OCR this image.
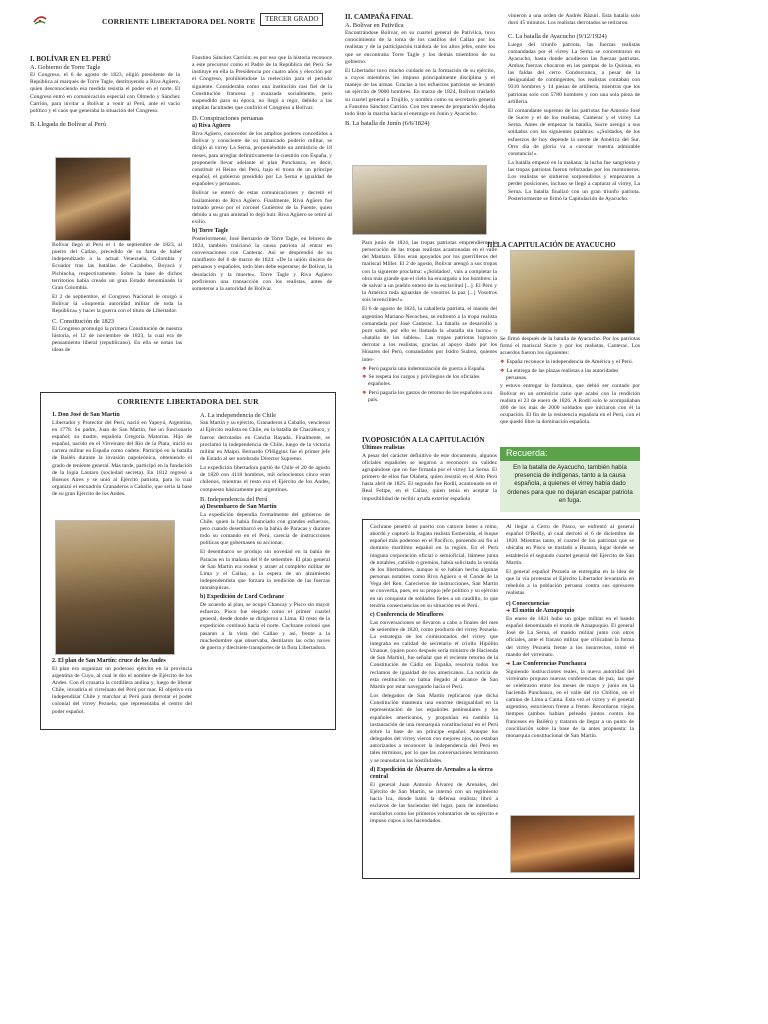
CORRIENTE LIBERTADORA DEL NORTE	TERCER GRADO
I. BOLÍVAR EN EL PERÚ
A. Gobierno de Torre Tagle

El Congreso, el 6 de agosto de 1823, eligió presidente de la República al marqués de Torre Tagle, destituyendo a Riva Agüero, quien desconociendo esa medida resistía el poder en el norte. El Congreso entró en comunicación especial con Olmedo y Sánchez Carrión, para invitar a Bolívar a venir al Perú, ante el vacío político y el caos que generaba la situación del Congreso.

B. Llegada de Bolívar al Perú

Bolívar llegó al Perú el 1 de septiembre de 1823, al puerto del Callao, precedido de su fama de haber independizado a la actual Venezuela, Colombia y Ecuador tras las batallas de Carabobo, Boyacá y Pichincha, respectivamente. Sobre la base de dichos territorios había creado un gran Estado denominado la Gran Colombia.

El 2 de septiembre, el Congreso Nacional le otorgó a Bolívar la «Suprema autoridad militar de toda la República» y hacer la guerra con el título de Libertador.

C. Constitución de 1823

El Congreso promulgó la primera Constitución de nuestra historia, el 12 de noviembre de 1823, la cual era de pensamiento liberal (republicano). En ella se notan las ideas de

Faustino Sánchez Carrión; es por eso que la historia reconoce a este precursor como el Padre de la República del Perú. Se instituye en ella la Presidencia por cuatro años y elección por el Congreso, prohibiéndose la reelección para el periodo siguiente. Consideraba como una institución casi fiel de la Constitución francesa y avanzada socialmente, pero suspendido para su época, no llegó a regir, debido a las amplias facultades que confirió el Congreso a Bolívar.

D. Conspiraciones peruanas
a) Riva Agüero

Riva Agüero, conocedor de los amplios poderes concedidos a Bolívar y consciente de su inmarcado poderío militar, se dirigió al virrey La Serna, proponiéndole un armisticio de 18 meses, para arreglar definitivamente la cuestión con España, y proponerle llevar adelante el plan Punchauca, es decir, constituir el Reino del Perú, bajo el trono de un príncipe español, el gobierno presidido por La Serna e igualdad de españoles y peruanos.

Bolívar se enteró de estas comunicaciones y decretó el fusilamiento de Riva Agüero. Finalmente, Riva Agüero fue tomado preso por el coronel Gutiérrez de la Fuente, quien debido a su gran amistad lo dejó huir. Riva Agüero se retiró al exilio.

b) Torre Tagle

Posteriormente, José Bernardo de Torre Tagle, en febrero de 1824, también traicionó la causa patriota al entrar en conversaciones con Canterac. Así se desprendió de su manifiesto del 6 de marzo de 1824: «De la unión sincera de peruanos y españoles, todo bien debe esperarse; de Bolívar, la desolación y la muerte». Torre Tagle y Riva Agüero prefirieron una transacción con los realistas, antes de someterse a la autoridad de Bolívar.

II. CAMPAÑA FINAL
A. Bolívar en Pativilca

Encontrándose Bolívar, en su cuartel general de Pativilca, tuvo conocimiento de la toma de los castillos del Callao por los realistas y de la participación traidora de los altos jefes, entre los que se encontraba Torre Tagle y los demás miembros de su gobierno.

El Libertador tuvo mucho cuidado en la formación de su ejército, a cuyos miembros les impuso principalmente disciplina y el manejo de las armas. Gracias a los esfuerzos patriotas se levantó un ejército de 9000 hombres. En marzo de 1824, Bolívar trasladó su cuartel general a Trujillo, y nombra como su secretario general a Faustino Sánchez Carrión. Con tres meses de preparación dejaba todo listo la marcha hacia el enemigo en Junín y Ayacucho.

B. La batalla de Junín (6/6/1824)

Para junio de 1824, las tropas patriotas emprendieron la persecución de las tropas realistas acantonadas en el valle del Mantaro. Ellos eran apoyados por los guerrilleros del mariscal Miller. El 2 de agosto, Bolívar arengó a sus tropas con la siguiente proclama: «¡Soldados!, vais a completar la obra más grande que el cielo ha encargado a los hombres: la de salvar a un pueblo entero de la esclavitud [...]. El Perú y la América toda aguardan de vosotros la paz [...] Vosotros sois invencibles!».

El 6 de agosto de 1824, la caballería patriota, el mando del argentino Mariano Necochea, se enfrentó a la tropa realista comandada por José Canterac. La batalla se desarrolló a puro sable, por ello es llamada la «batalla sin humo» o «batalla de los sables». Las tropas patriotas lograron derrotar a los realistas, gracias al apoyo dado por los Húsares del Perú, comandados por Isidro Suárez, quienes inter-

❖ Perú pagaría una indemnización de guerra a España.
❖ Se respeta los cargos y privilegios de los oficiales españoles.
❖ Perú pagaría los gastos de retorno de los españoles a su país.

vinieron a una orden de Andrés Rázuri. Esta batalla solo duró 45 minutos. Los realistas derrotados se retiraron.

C. La batalla de Ayacucho (9/12/1924)

Luego del triunfo patriota, las fuerzas realistas comandadas por el virrey La Serna se concentraron en Ayacucho, hasta donde acudieron las fuerzas patriotas. Ambas fuerzas chocaron en las pampas de la Quinua, en las faldas del cerro Condorcunca, a pesar de la desigualdad de contingentes, los realistas contaban con 9310 hombres y 14 piezas de artillería, mientras que los patriotas solo con 5780 hombres y con una sola pieza de artillería.

El comandante supremo de los patriotas fue Antonio José de Sucre y el de los realistas, Canterac y el virrey La Serna. Antes de empezar la batalla, Sucre arengó a sus soldados con las siguientes palabras: «¡Soldados, de los esfuerzos de hoy depende la suerte de América del Sur. Otro día de gloria va a coronar vuestra admirable constancia!».

La batalla empezó en la mañana; la lucha fue sangrienta y las tropas patriotas fueron reforzadas por los montoneros. Los realistas se sintieron sorprendidos y empezaron a perder posiciones, incluso se llegó a capturar al virrey, La Serna. La batalla finalizó con un gran triunfo patriota. Posteriormente se firmó la Capitulación de Ayacucho.

III.LA CAPITULACIÓN DE AYACUCHO

Se firmó después de la batalla de Ayacucho. Por los patriotas firmó el mariscal Sucre y por los realistas, Canterac. Los acuerdos fueron los siguientes:

❖ España reconoce la independencia de América y el Perú.
❖ La entrega de las plazas realistas a las autoridades peruanas.

y estuvo entregar la fortaleza, que debió ser contado por Bolívar en un armisticio ratio que acabó con la rendición realista el 23 de enero de 1826. A Rodil solo le acompañaban 400 de los más de 2000 soldados que iniciaron con él la ocupación. El fin de la resistencia española en el Perú, con el que quedó libre la dominación española.

IV.OPOSICIÓN A LA CAPITULACIÓN
Últimos realistas

A pesar del carácter definitivo de este documento, algunos oficiales españoles se negaron a reconocer su validez agrupándose que no fue firmada por el virrey La Serna. El primero de ellos fue Olañeta, quien resistió en el Alto Perú hasta abril de 1825. El segundo fue Rodil, acantonado en el Real Felipe, en el Callao, quien tenía en aceptar la imposibilidad de recibir ayuda exterior española

Recuerda:
En la batalla de Ayacucho, también había presencia de indígenas, tanto a la causa española, a quienes el virrey había dado órdenes para que no dejaran escapar patriota en fuga.
CORRIENTE LIBERTADORA DEL SUR
1. Don José de San Martín

Libertador y Protector del Perú, nació en Yapeyú, Argentina, en 1778. Su padre, Juan de San Martín, fue un funcionario español; su madre, española Gregoria Matorras. Hijo de español, nacido en el Virreinato del Río de la Plata, inició su carrera militar en España como cadete. Participó en la batalla de Bailén durante la invasión napoleónica, obteniendo el grado de teniente general. Más tarde, participó en la fundación de la logia Lautaro (sociedad secreta). En 1812 regresó a Buenos Aires y se unió al Ejército patriota, para lo cual organizó el escuadrón Granaderos a Caballo, que sería la base de su gran Ejército de los Andes.

2. El plan de San Martín: cruce de los Andes

El plan era organizar un poderoso ejército en la provincia argentina de Cuyo, al cual le dio el nombre de Ejército de los Andes. Con él cruzaría la cordillera andina y, luego de liberar Chile, invadiría el virreinato del Perú por mar. El objetivo era independizar Chile y marchar al Perú para derrotar el poder colonial del virrey Pezuela, que representaba el centro del poder español.

A. La independencia de Chile

San Martín y su ejército, Granaderos a Caballo, vencieron al Ejército realista en Chile, en la batalla de Chacabuco, y fueron derrotados en Cancha Rayada. Finalmente, se proclamó la independencia de Chile, luego de la victoria militar en Maipú. Bernardo O'Higgins fue el primer jefe de Estado al ser nombrado Director Supremo.

La expedición libertadora partió de Chile el 20 de agosto de 1820 con 4118 hombres, mil ochocientos cinco eran chilenos, mientras el resto era el Ejército de los Andes, compuesto básicamente por argentinos.

B. Independencia del Perú
a) Desembarco de San Martín

La expedición dependía formalmente del gobierno de Chile, quien la había financiado con grandes esfuerzos, pero cuando desembarcó en la bahía de Paracas y durante todo su comando en el Perú, carecía de instrucciones políticas que gobernasen su accionar.

El desembarco se produjo sin novedad en la bahía de Paracas en la mañana del 8 de setiembre. El plan general de San Martín era rodear y atraer al completo militar de Lima y el Callao, a la espera de un alzamiento independentista que forzara la rendición de las fuerzas monárquicas.

b) Expedición de Lord Cochrane

De acuerdo al plan, se ocupó Chancay y Pisco sin mayor esfuerzo. Pisco fue elegido como el primer cuartel general, desde donde se dirigieron a Lima. El resto de la expedición continuó hacia el norte. Cochrane colonó que pasaran a la vista del Callao y así, frente a la muchedumbre que observaba, destilaron las ocho naves de guerra y diecisiete transportes de la flota Libertadora.

Cochrane penetró al puerto con catorce botes a remo, abordó y capturó la fragata realista Esmeralda, el buque español más poderoso en el Pacífico, poniendo así fin al dominio marítimo español en la región. En el Perú ninguna corporación oficial o semioficial, llámese junta de notables, cabildo o gremios, había solicitado la venida de los libertadores, aunque sí se habían hecho algunas personas notables como Riva Agüero o el Conde de la Vega del Ren. Carecieron de instrucciones, San Martín se convertía, pues, en su propio jefe político y su ejército en un conquista de soldados fieles a un caudillo, lo que tendría consecuencias en su situación en el Perú.

c) Conferencia de Miraflores

Las conversaciones se llevaron a cabo a finales del mes de setiembre de 1820, como producto del virrey Pezuela. La estrategia de los comisionados del virrey que integraba en calidad de secretario el criollo Hipólito Unanue, (quien poco después sería ministro de Hacienda de San Martín), fue señalar que el reciente retorno de la Constitución de Cádiz en España, resolvía todos los reclamos de igualdad de los americanos. La noticia de esta restitución no había llegado al alcance de San Martín por estar navegando hacia el Perú.

Los delegados de San Martín replicaron que dicha Constitución mantenía una enorme desigualdad en la representación de los españoles peninsulares y los españoles americanos, y proponían en cambio la instauración de una monarquía constitucional en el Perú sobre la base de un príncipe español. Aunque los delegados del virrey vieron con mejores ojos, no estaban autorizados a reconocer la independencia del Perú en tales términos, por lo que las conversaciones terminaron y se reanudaron las hostilidades.

d) Expedición de Álvarez de Arenales a la sierra central

El general Juan Antonio Álvarez de Arenales, del Ejército de San Martín, se internó con un regimiento hacia Ica, donde batió la defensa realista; libró a esclavos de las haciendas del lugar, para de inmediato enrolarlos como los primeros voluntarios de su ejército e impuso cupos a los hacendados.

Al llegar a Cerro de Pasco, se enfrentó al general español O'Reilly, al cual derrotó el 6 de diciembre de 1820. Mientras tanto, el cuartel de los patriotas que se ubicaba en Pisco se trasladó a Huaura, lugar donde se estableció el segundo cuartel general del Ejército de San Martín.

El general español Pezuela se entregaba en la idea de que la vía protestas el Ejército Libertador levantaría en rebelión a la población peruana contra sus opresores realistas.

c) Consecuencias
➔ El motín de Aznapuquio

En enero de 1821 hubo un golpe militar en el bando español denominado el motín de Aznapuquio. El general José de La Serna, el mando militar junto con otros oficiales, ante el fracaso militar que criticaban la forma del virrey Pezuela frente a los insurrectos, tomó el mando del virreinato.

➔ Las Conferencias Punchauca

Siguiendo instrucciones reales, la nueva autoridad del virreinato propuso nuevas conferencias de paz, las que se celebraron entre los meses de mayo y junio en la hacienda Punchauca, en el valle del río Chillón, en el camino de Lima a Canta. Esta vez el virrey y el general argentino, estuvieron frente a frente. Recordaron viejos tiempos (ambos habían peleado juntos contra los franceses en Bailén) y trataron de llegar a un punto de conciliación sobre la base de la antes propuesta: la monarquía constitucional de San Martín.
